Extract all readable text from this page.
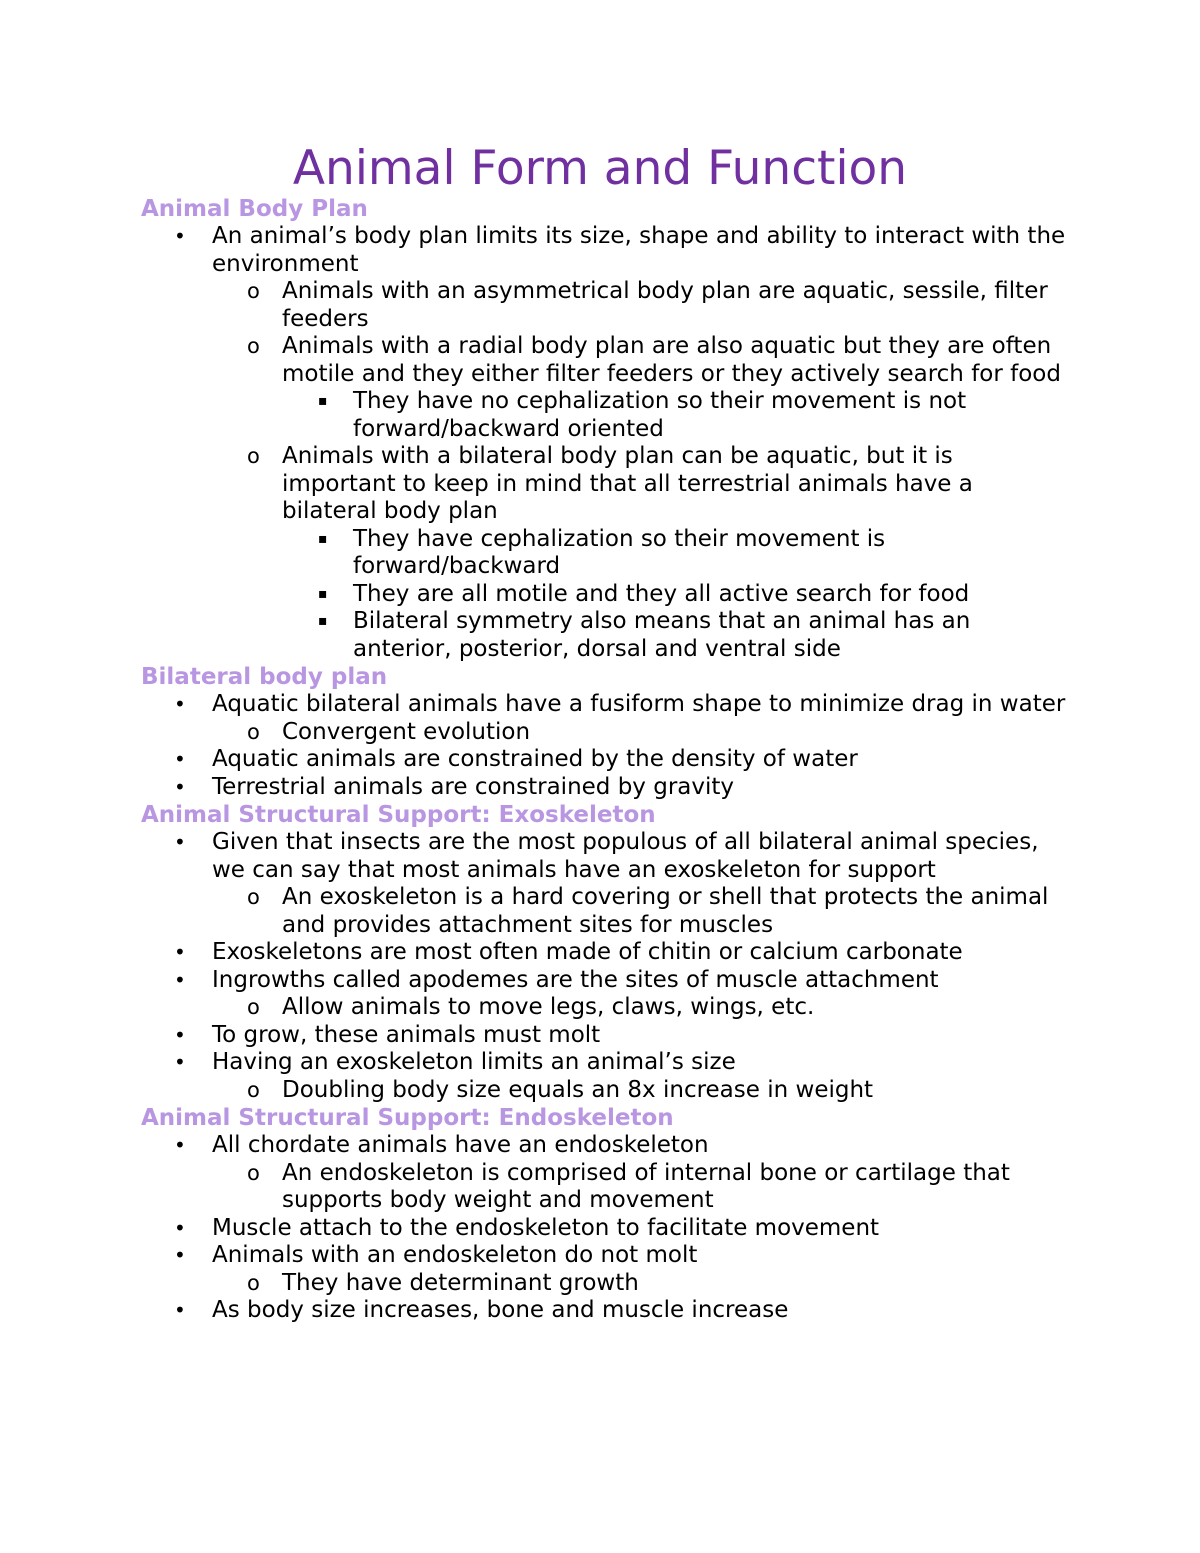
Animal Form and Function
Animal Body Plan
• An animal’s body plan limits its size, shape and ability to interact with the environment
o Animals with an asymmetrical body plan are aquatic, sessile, filter feeders
o Animals with a radial body plan are also aquatic but they are often motile and they either filter feeders or they actively search for food
▪ They have no cephalization so their movement is not forward/backward oriented
o Animals with a bilateral body plan can be aquatic, but it is important to keep in mind that all terrestrial animals have a bilateral body plan
▪ They have cephalization so their movement is forward/backward
▪ They are all motile and they all active search for food
▪ Bilateral symmetry also means that an animal has an anterior, posterior, dorsal and ventral side
Bilateral body plan
• Aquatic bilateral animals have a fusiform shape to minimize drag in water
o Convergent evolution
• Aquatic animals are constrained by the density of water
• Terrestrial animals are constrained by gravity
Animal Structural Support: Exoskeleton
• Given that insects are the most populous of all bilateral animal species, we can say that most animals have an exoskeleton for support
o An exoskeleton is a hard covering or shell that protects the animal and provides attachment sites for muscles
• Exoskeletons are most often made of chitin or calcium carbonate
• Ingrowths called apodemes are the sites of muscle attachment
o Allow animals to move legs, claws, wings, etc.
• To grow, these animals must molt
• Having an exoskeleton limits an animal’s size
o Doubling body size equals an 8x increase in weight
Animal Structural Support: Endoskeleton
• All chordate animals have an endoskeleton
o An endoskeleton is comprised of internal bone or cartilage that supports body weight and movement
• Muscle attach to the endoskeleton to facilitate movement
• Animals with an endoskeleton do not molt
o They have determinant growth
• As body size increases, bone and muscle increase
